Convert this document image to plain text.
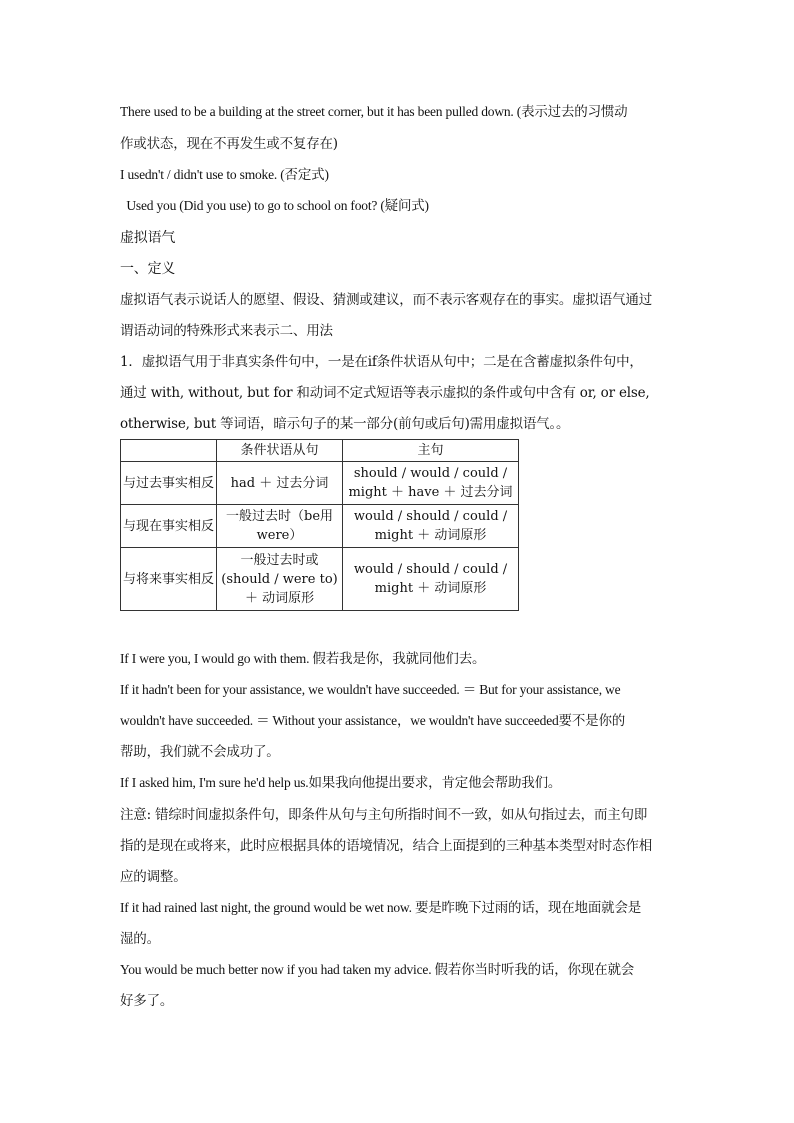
There used to be a building at the street corner, but it has been pulled down. (表示过去的习惯动
作或状态，现在不再发生或不复存在)
I usedn't / didn't use to smoke. (否定式)
Used you (Did you use) to go to school on foot? (疑问式)
虚拟语气
一、定义
虚拟语气表示说话人的愿望、假设、猜测或建议，而不表示客观存在的事实。虚拟语气通过
谓语动词的特殊形式来表示二、用法
1．虚拟语气用于非真实条件句中，一是在if条件状语从句中；二是在含蓄虚拟条件句中，
通过 with, without, but for 和动词不定式短语等表示虚拟的条件或句中含有 or, or else,
otherwise, but 等词语，暗示句子的某一部分(前句或后句)需用虚拟语气。。
	条件状语从句	主句
与过去事实相反	had ＋ 过去分词	should / would / could / might ＋ have ＋ 过去分词
与现在事实相反	一般过去时（be用were）	would / should / could / might ＋ 动词原形
与将来事实相反	一般过去时或(should / were to) ＋ 动词原形	would / should / could / might ＋ 动词原形
If I were you, I would go with them. 假若我是你，我就同他们去。
If it hadn't been for your assistance, we wouldn't have succeeded. ＝ But for your assistance, we
wouldn't have succeeded. ＝ Without your assistance，we wouldn't have succeeded要不是你的
帮助，我们就不会成功了。
If I asked him, I'm sure he'd help us.如果我向他提出要求，肯定他会帮助我们。
注意: 错综时间虚拟条件句，即条件从句与主句所指时间不一致，如从句指过去，而主句即
指的是现在或将来，此时应根据具体的语境情况，结合上面提到的三种基本类型对时态作相
应的调整。
If it had rained last night, the ground would be wet now. 要是昨晚下过雨的话，现在地面就会是
湿的。
You would be much better now if you had taken my advice. 假若你当时听我的话，你现在就会
好多了。
